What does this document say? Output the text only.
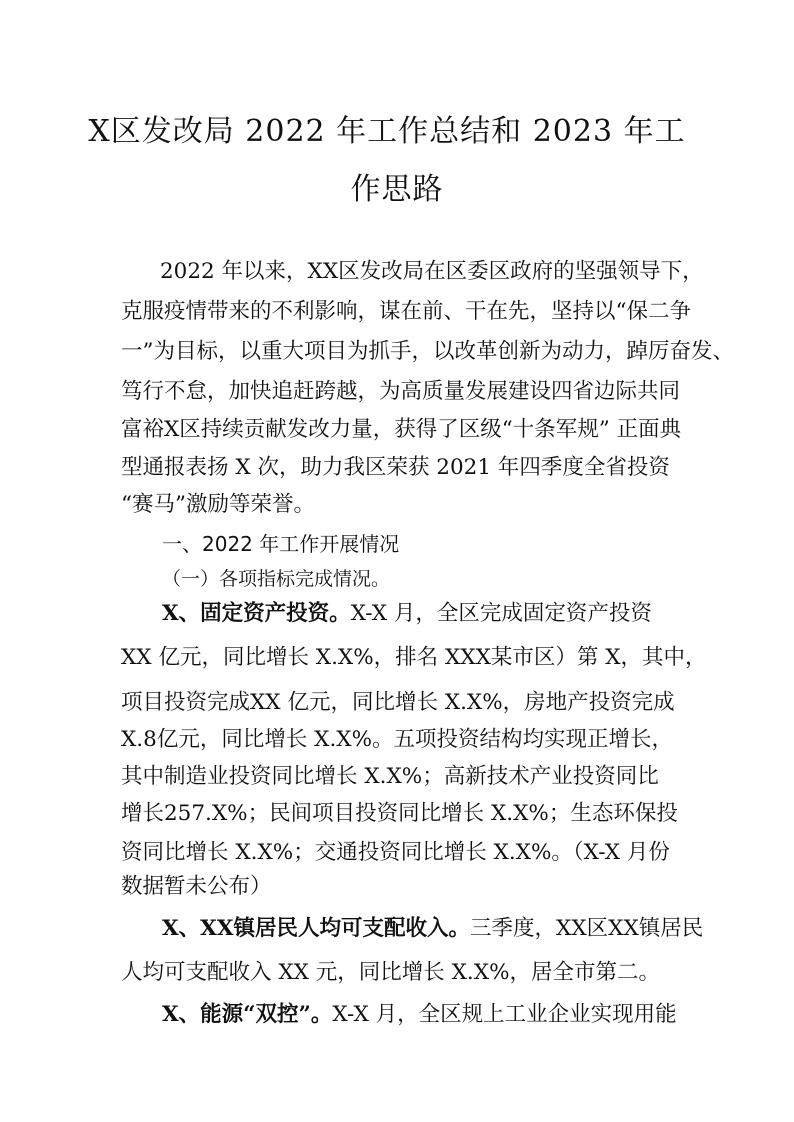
X区发改局 2022 年工作总结和 2023 年工
作思路
2022 年以来，XX区发改局在区委区政府的坚强领导下，
克服疫情带来的不利影响，谋在前、干在先，坚持以“保二争
一”为目标，以重大项目为抓手，以改革创新为动力，踔厉奋发、
笃行不怠，加快追赶跨越，为高质量发展建设四省边际共同
富裕X区持续贡献发改力量，获得了区级“十条军规” 正面典
型通报表扬 X 次，助力我区荣获 2021 年四季度全省投资
“赛马”激励等荣誉。
一、2022 年工作开展情况
（一）各项指标完成情况。
X、固定资产投资。X-X 月，全区完成固定资产投资
XX 亿元，同比增长 X.X%，排名 XXX某市区）第 X，其中，
项目投资完成XX 亿元，同比增长 X.X%，房地产投资完成
X.8亿元，同比增长 X.X%。五项投资结构均实现正增长，
其中制造业投资同比增长 X.X%；高新技术产业投资同比
增长257.X%；民间项目投资同比增长 X.X%；生态环保投
资同比增长 X.X%；交通投资同比增长 X.X%。（X-X 月份
数据暂未公布）
X、XX镇居民人均可支配收入。三季度，XX区XX镇居民
人均可支配收入 XX 元，同比增长 X.X%，居全市第二。
X、能源“双控”。X-X 月，全区规上工业企业实现用能
